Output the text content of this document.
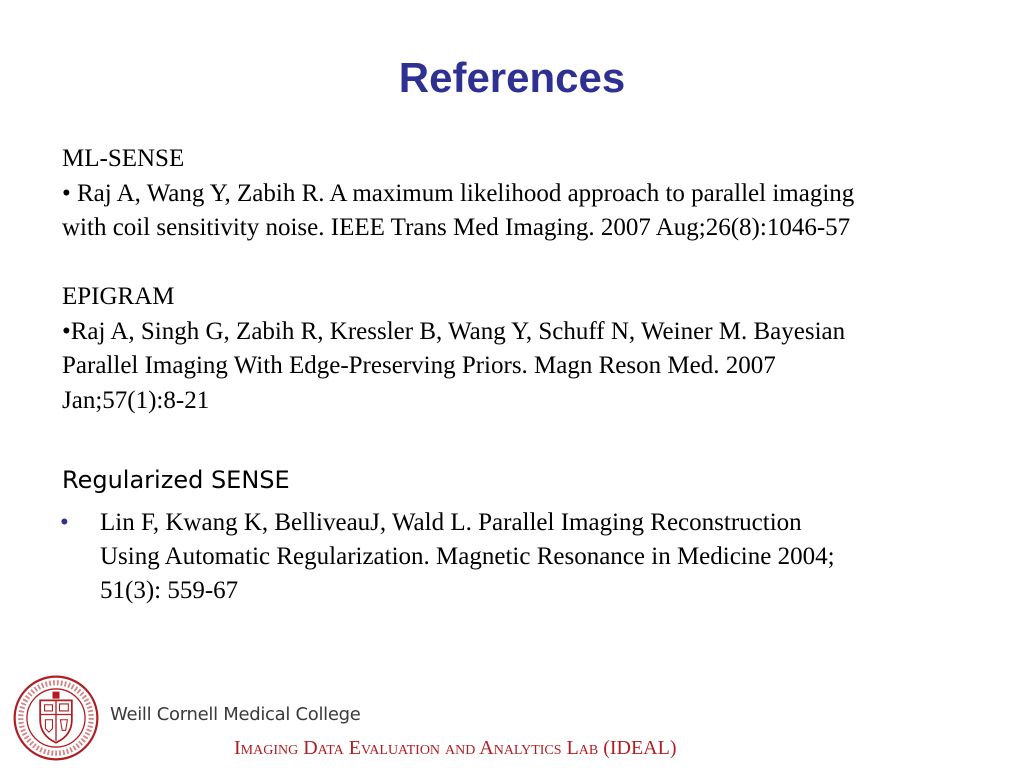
References
ML-SENSE
• Raj A, Wang Y, Zabih R. A maximum likelihood approach to parallel imaging
with coil sensitivity noise. IEEE Trans Med Imaging. 2007 Aug;26(8):1046-57
EPIGRAM
•Raj A, Singh G, Zabih R, Kressler B, Wang Y, Schuff N, Weiner M. Bayesian
Parallel Imaging With Edge-Preserving Priors. Magn Reson Med. 2007
Jan;57(1):8-21
Regularized SENSE
• Lin F, Kwang K, BelliveauJ, Wald L. Parallel Imaging Reconstruction
Using Automatic Regularization. Magnetic Resonance in Medicine 2004;
51(3): 559-67
Weill Cornell Medical College
Imaging Data Evaluation and Analytics Lab (IDEAL)
